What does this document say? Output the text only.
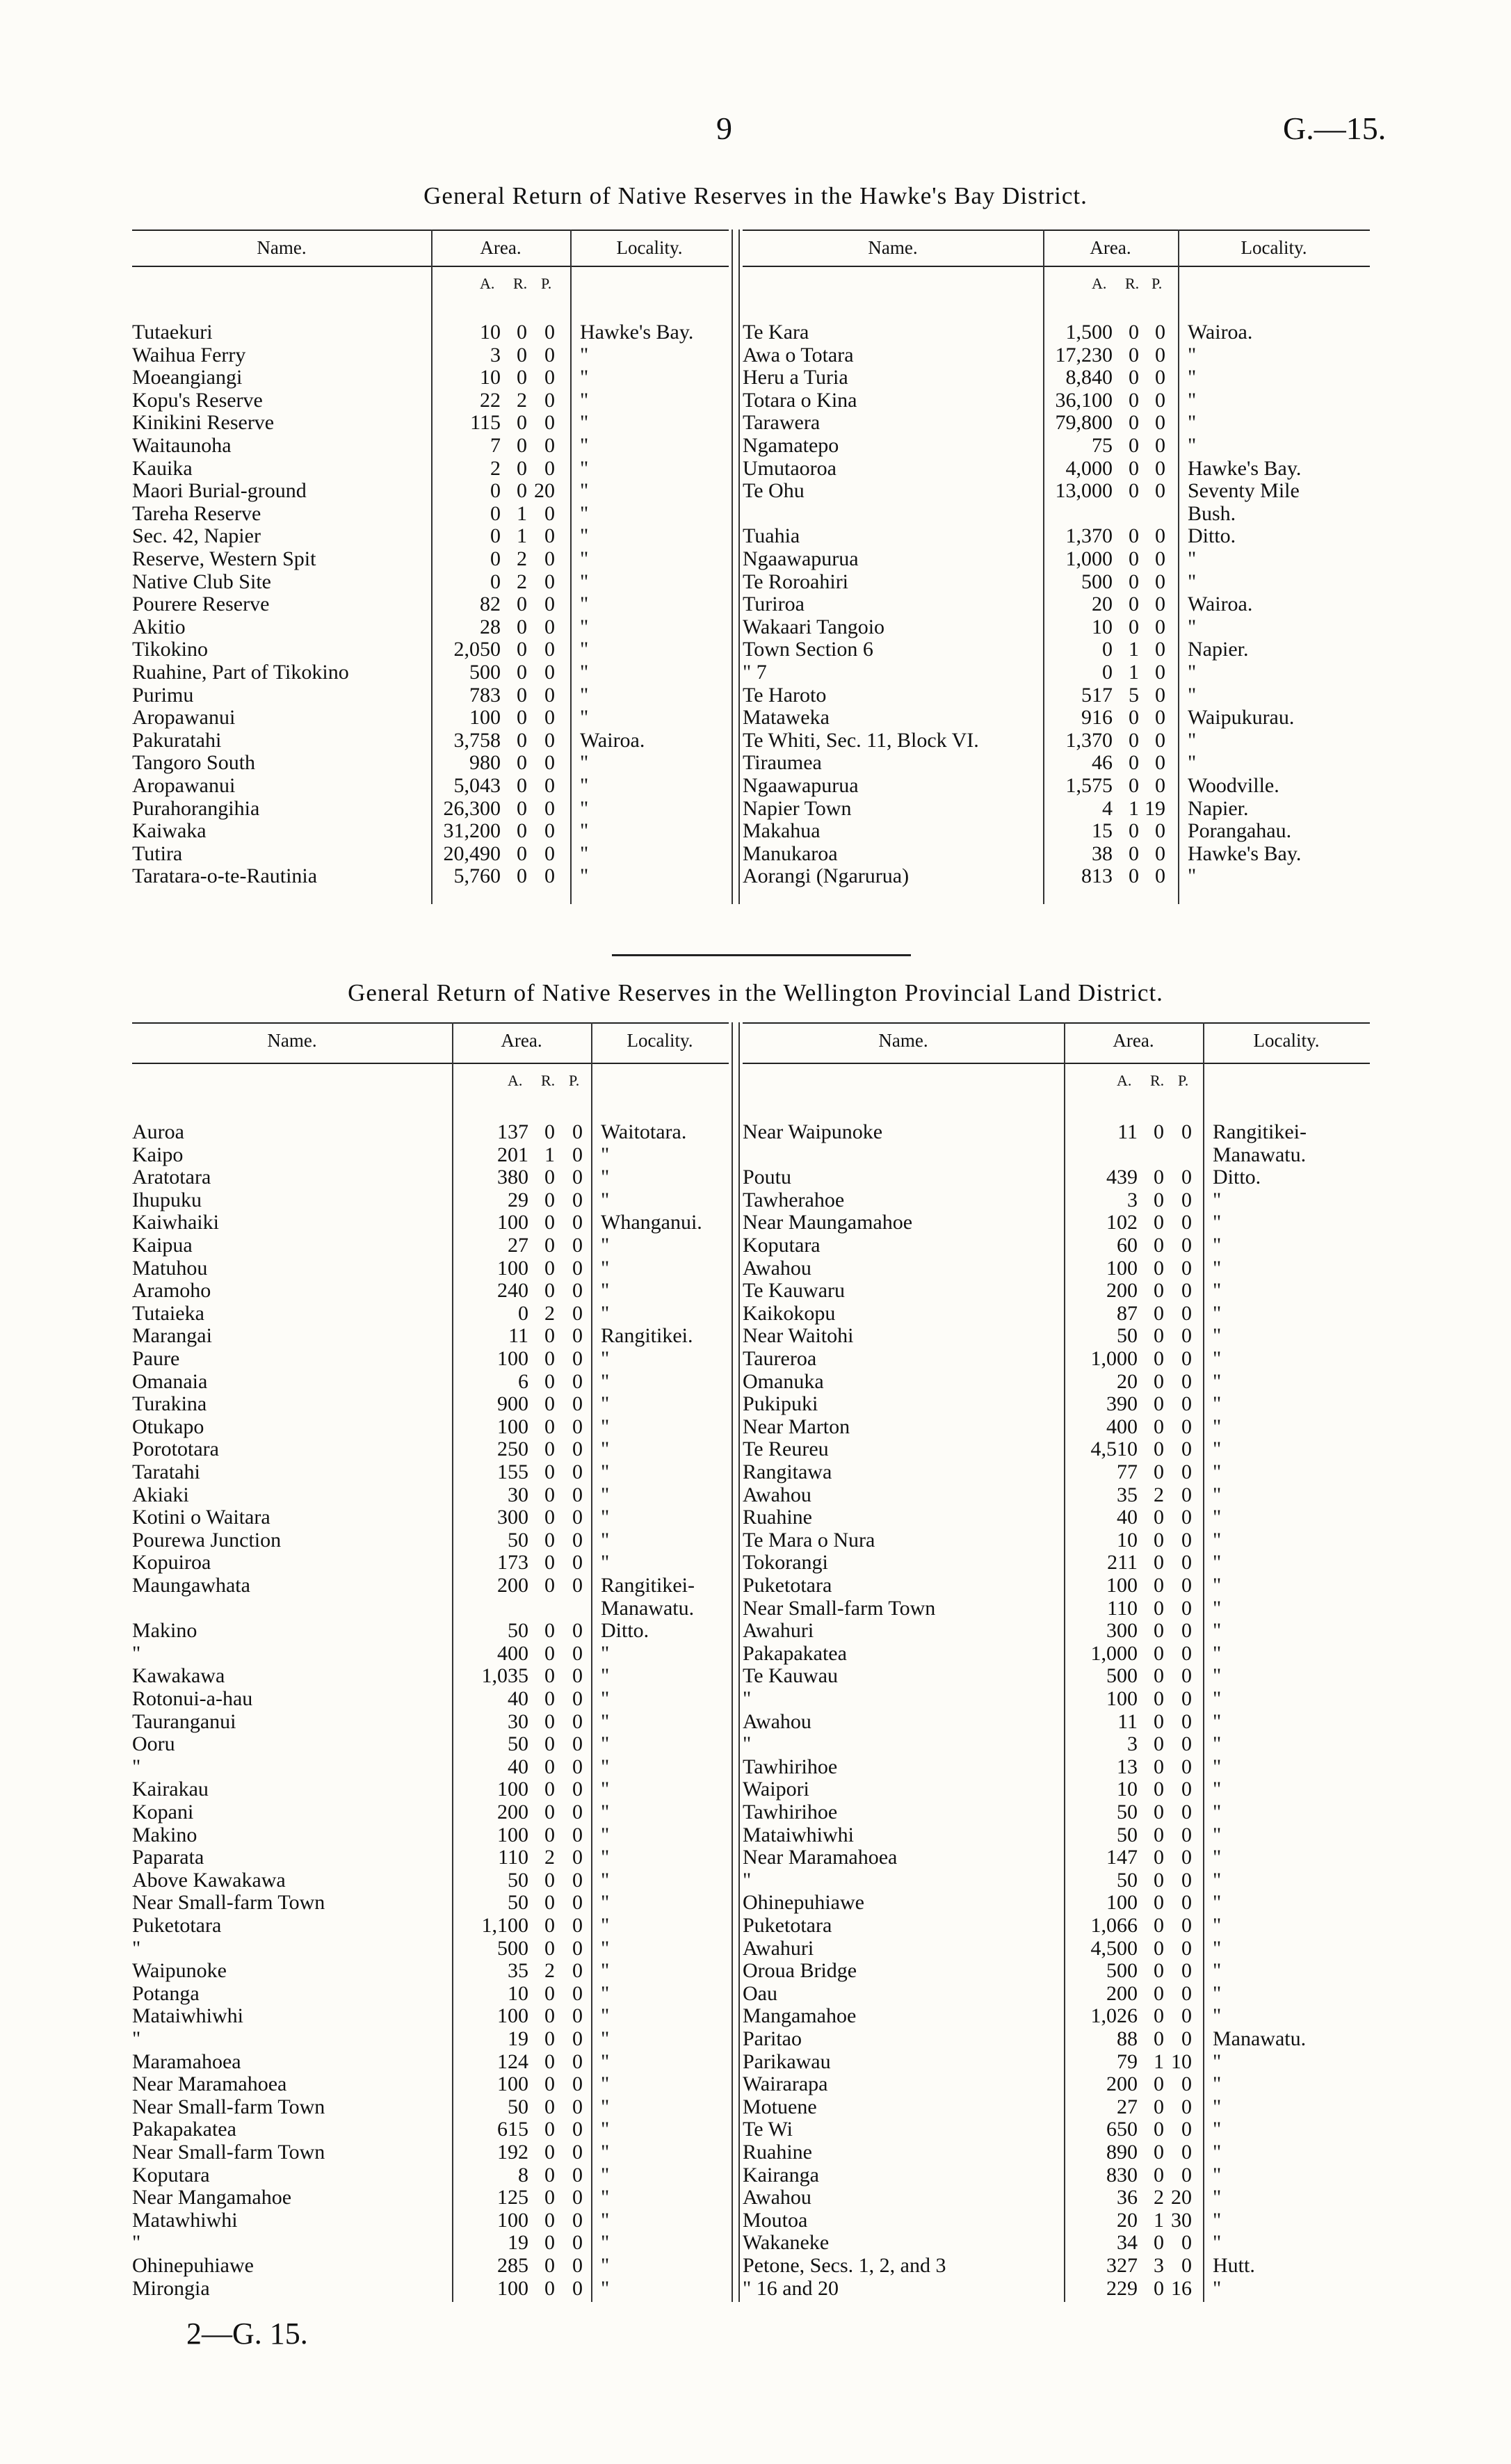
9	G.—15.
General Return of Native Reserves in the Hawke's Bay District.
Name.	Area.	Locality.
A. R. P.
Tutaekuri	10 0 0 Hawke's Bay.
Waihua Ferry	3 0 0 "
Moeangiangi	10 0 0 "
Kopu's Reserve	22 2 0 "
Kinikini Reserve	115 0 0 "
Waitaunoha	7 0 0 "
Kauika	2 0 0 "
Maori Burial-ground	0 0 20 "
Tareha Reserve	0 1 0 "
Sec. 42, Napier	0 1 0 "
Reserve, Western Spit	0 2 0 "
Native Club Site	0 2 0 "
Pourere Reserve	82 0 0 "
Akitio	28 0 0 "
Tikokino	2,050 0 0 "
Ruahine, Part of Tikokino	500 0 0 "
Purimu	783 0 0 "
Aropawanui	100 0 0 "
Pakuratahi	3,758 0 0 Wairoa.
Tangoro South	980 0 0 "
Aropawanui	5,043 0 0 "
Purahorangihia	26,300 0 0 "
Kaiwaka	31,200 0 0 "
Tutira	20,490 0 0 "
Taratara-o-te-Rautinia	5,760 0 0 "
Name.	Area.	Locality.
A. R. P.
Te Kara	1,500 0 0 Wairoa.
Awa o Totara	17,230 0 0 "
Heru a Turia	8,840 0 0 "
Totara o Kina	36,100 0 0 "
Tarawera	79,800 0 0 "
Ngamatepo	75 0 0 "
Umutaoroa	4,000 0 0 Hawke's Bay.
Te Ohu	13,000 0 0 Seventy Mile
Bush.
Tuahia	1,370 0 0 Ditto.
Ngaawapurua	1,000 0 0 "
Te Roroahiri	500 0 0 "
Turiroa	20 0 0 Wairoa.
Wakaari Tangoio	10 0 0 "
Town Section 6	0 1 0 Napier.
" 7	0 1 0 "
Te Haroto	517 5 0 "
Mataweka	916 0 0 Waipukurau.
Te Whiti, Sec. 11, Block VI.	1,370 0 0 "
Tiraumea	46 0 0 "
Ngaawapurua	1,575 0 0 Woodville.
Napier Town	4 1 19 Napier.
Makahua	15 0 0 Porangahau.
Manukaroa	38 0 0 Hawke's Bay.
Aorangi (Ngarurua)	813 0 0 "
General Return of Native Reserves in the Wellington Provincial Land District.
Name.	Area.	Locality.
A. R. P.
Auroa	137 0 0 Waitotara.
Kaipo	201 1 0 "
Aratotara	380 0 0 "
Ihupuku	29 0 0 "
Kaiwhaiki	100 0 0 Whanganui.
Kaipua	27 0 0 "
Matuhou	100 0 0 "
Aramoho	240 0 0 "
Tutaieka	0 2 0 "
Marangai	11 0 0 Rangitikei.
Paure	100 0 0 "
Omanaia	6 0 0 "
Turakina	900 0 0 "
Otukapo	100 0 0 "
Porototara	250 0 0 "
Taratahi	155 0 0 "
Akiaki	30 0 0 "
Kotini o Waitara	300 0 0 "
Pourewa Junction	50 0 0 "
Kopuiroa	173 0 0 "
Maungawhata	200 0 0 Rangitikei-
Manawatu.
Makino	50 0 0 Ditto.
"	400 0 0 "
Kawakawa	1,035 0 0 "
Rotonui-a-hau	40 0 0 "
Tauranganui	30 0 0 "
Ooru	50 0 0 "
"	40 0 0 "
Kairakau	100 0 0 "
Kopani	200 0 0 "
Makino	100 0 0 "
Paparata	110 2 0 "
Above Kawakawa	50 0 0 "
Near Small-farm Town	50 0 0 "
Puketotara	1,100 0 0 "
"	500 0 0 "
Waipunoke	35 2 0 "
Potanga	10 0 0 "
Mataiwhiwhi	100 0 0 "
"	19 0 0 "
Maramahoea	124 0 0 "
Near Maramahoea	100 0 0 "
Near Small-farm Town	50 0 0 "
Pakapakatea	615 0 0 "
Near Small-farm Town	192 0 0 "
Koputara	8 0 0 "
Near Mangamahoe	125 0 0 "
Matawhiwhi	100 0 0 "
"	19 0 0 "
Ohinepuhiawe	285 0 0 "
Mirongia	100 0 0 "
Name.	Area.	Locality.
A. R. P.
Near Waipunoke	11 0 0 Rangitikei-
Manawatu.
Poutu	439 0 0 Ditto.
Tawherahoe	3 0 0 "
Near Maungamahoe	102 0 0 "
Koputara	60 0 0 "
Awahou	100 0 0 "
Te Kauwaru	200 0 0 "
Kaikokopu	87 0 0 "
Near Waitohi	50 0 0 "
Taureroa	1,000 0 0 "
Omanuka	20 0 0 "
Pukipuki	390 0 0 "
Near Marton	400 0 0 "
Te Reureu	4,510 0 0 "
Rangitawa	77 0 0 "
Awahou	35 2 0 "
Ruahine	40 0 0 "
Te Mara o Nura	10 0 0 "
Tokorangi	211 0 0 "
Puketotara	100 0 0 "
Near Small-farm Town	110 0 0 "
Awahuri	300 0 0 "
Pakapakatea	1,000 0 0 "
Te Kauwau	500 0 0 "
"	100 0 0 "
Awahou	11 0 0 "
"	3 0 0 "
Tawhirihoe	13 0 0 "
Waipori	10 0 0 "
Tawhirihoe	50 0 0 "
Mataiwhiwhi	50 0 0 "
Near Maramahoea	147 0 0 "
"	50 0 0 "
Ohinepuhiawe	100 0 0 "
Puketotara	1,066 0 0 "
Awahuri	4,500 0 0 "
Oroua Bridge	500 0 0 "
Oau	200 0 0 "
Mangamahoe	1,026 0 0 "
Paritao	88 0 0 Manawatu.
Parikawau	79 1 10 "
Wairarapa	200 0 0 "
Motuene	27 0 0 "
Te Wi	650 0 0 "
Ruahine	890 0 0 "
Kairanga	830 0 0 "
Awahou	36 2 20 "
Moutoa	20 1 30 "
Wakaneke	34 0 0 "
Petone, Secs. 1, 2, and 3	327 3 0 Hutt.
" 16 and 20	229 0 16 "
2—G. 15.
